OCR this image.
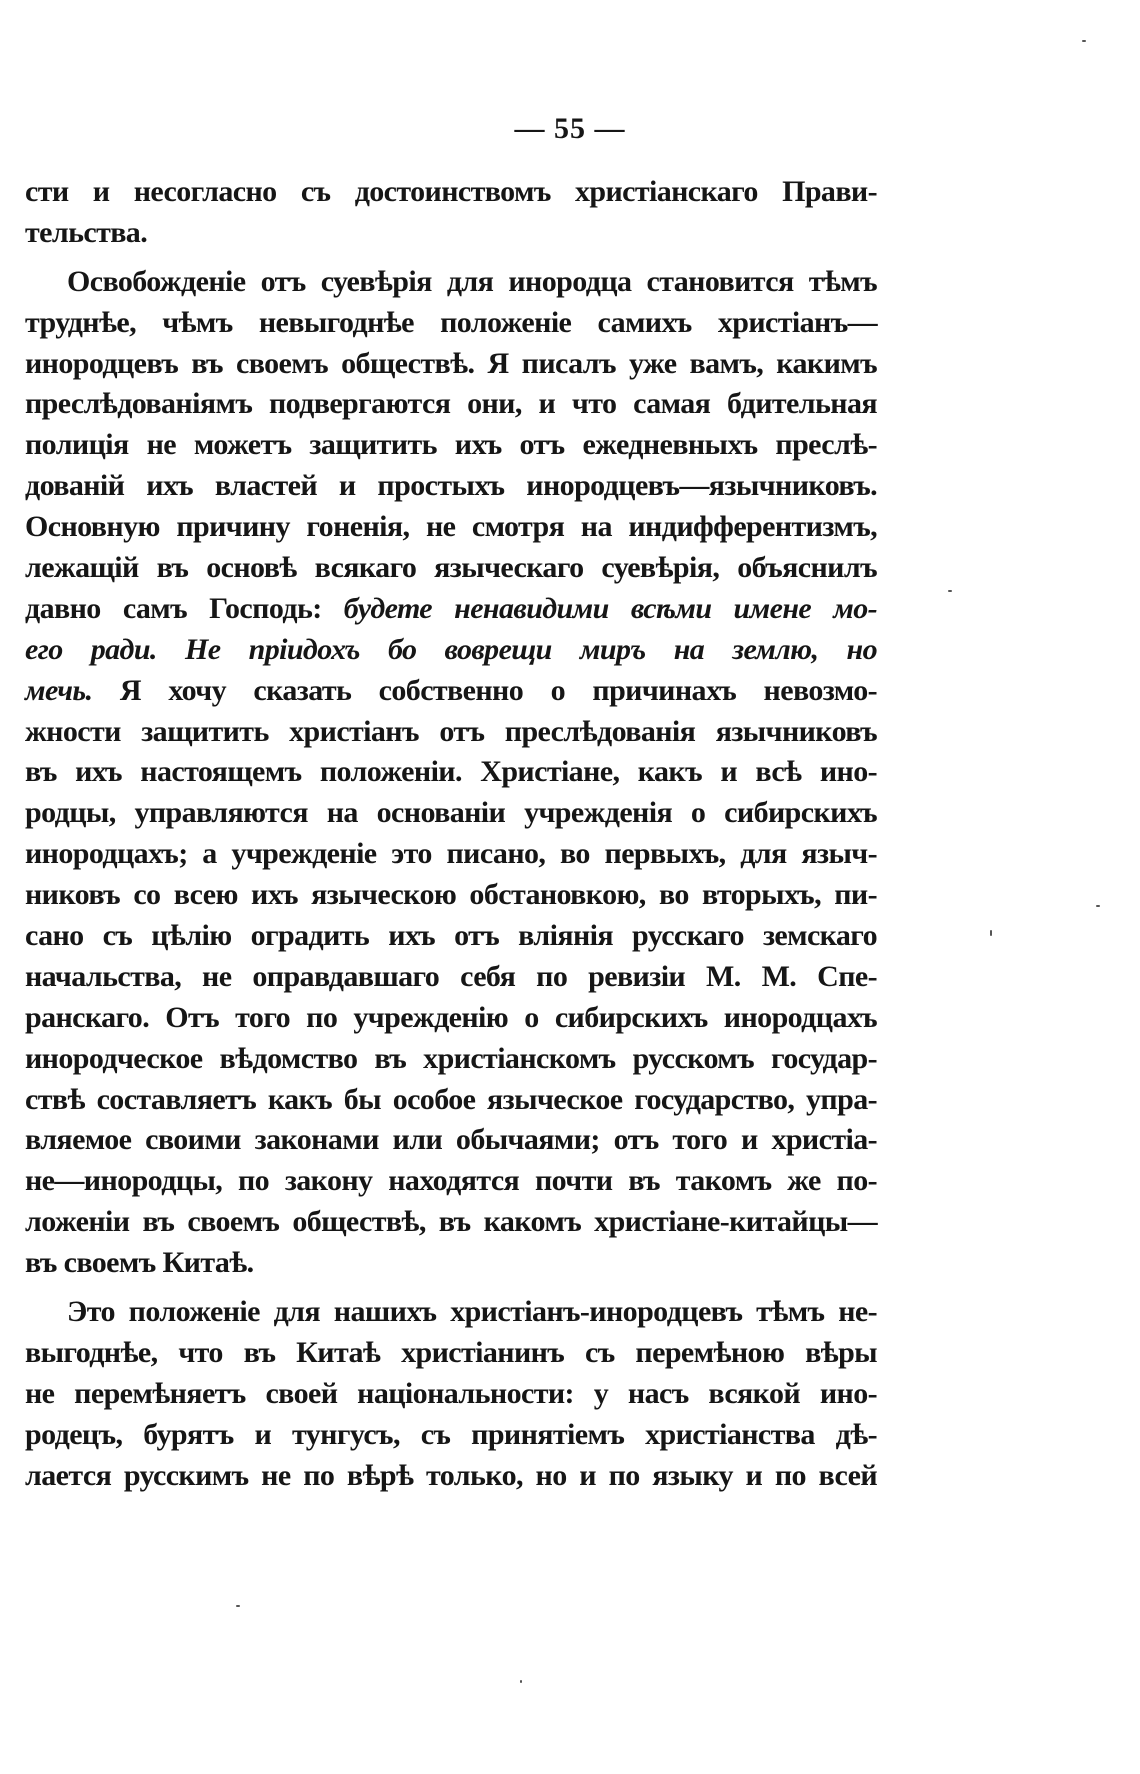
— 55 —
сти и несогласно съ достоинствомъ христіанскаго Прави-
тельства.
Освобожденіе отъ суевѣрія для инородца становится тѣмъ
труднѣе, чѣмъ невыгоднѣе положеніе самихъ христіанъ—
инородцевъ въ своемъ обществѣ. Я писалъ уже вамъ, какимъ
преслѣдованіямъ подвергаются они, и что самая бдительная
полиція не можетъ защитить ихъ отъ ежедневныхъ преслѣ-
дованій ихъ властей и простыхъ инородцевъ—язычниковъ.
Основную причину гоненія, не смотря на индифферентизмъ,
лежащій въ основѣ всякаго языческаго суевѣрія, объяснилъ
давно самъ Господь: будете ненавидими всѣми имене мо-
его ради. Не пріидохъ бо воврещи миръ на землю, но
мечь. Я хочу сказать собственно о причинахъ невозмо-
жности защитить христіанъ отъ преслѣдованія язычниковъ
въ ихъ настоящемъ положеніи. Христіане, какъ и всѣ ино-
родцы, управляются на основаніи учрежденія о сибирскихъ
инородцахъ; а учрежденіе это писано, во первыхъ, для языч-
никовъ со всею ихъ языческою обстановкою, во вторыхъ, пи-
сано съ цѣлію оградить ихъ отъ вліянія русскаго земскаго
начальства, не оправдавшаго себя по ревизіи М. М. Спе-
ранскаго. Отъ того по учрежденію о сибирскихъ инородцахъ
инородческое вѣдомство въ христіанскомъ русскомъ государ-
ствѣ составляетъ какъ бы особое языческое государство, упра-
вляемое своими законами или обычаями; отъ того и христіа-
не—инородцы, по закону находятся почти въ такомъ же по-
ложеніи въ своемъ обществѣ, въ какомъ христіане-китайцы—
въ своемъ Китаѣ.
Это положеніе для нашихъ христіанъ-инородцевъ тѣмъ не-
выгоднѣе, что въ Китаѣ христіанинъ съ перемѣною вѣры
не перемѣняетъ своей національности: у насъ всякой ино-
родецъ, бурятъ и тунгусъ, съ принятіемъ христіанства дѣ-
лается русскимъ не по вѣрѣ только, но и по языку и по всей
